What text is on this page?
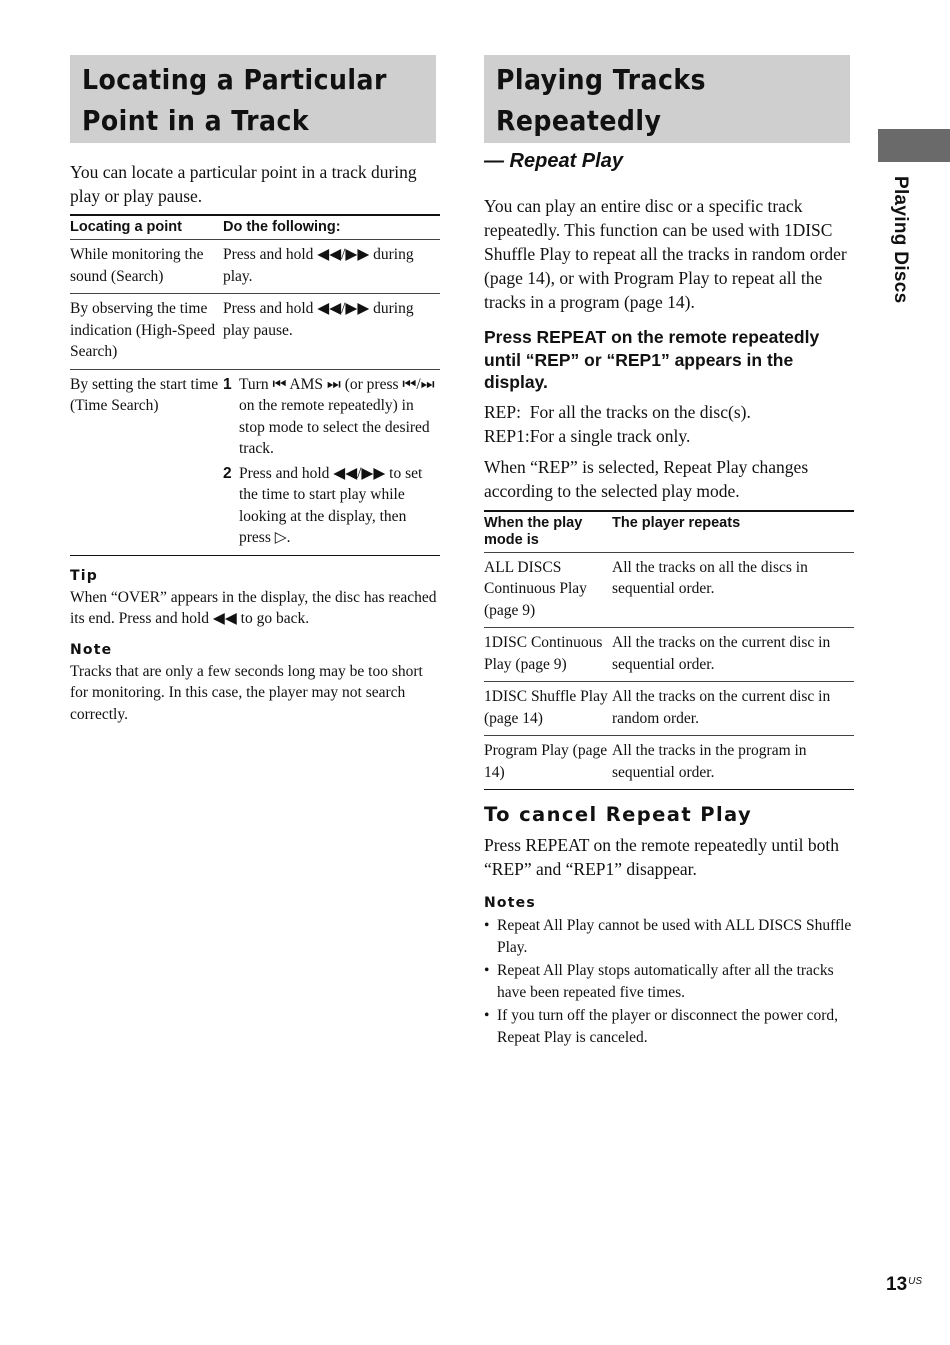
Locating a Particular
Point in a Track
Playing Tracks
Repeatedly

You can locate a particular point in a track during play or play pause.

Locating a point	Do the following:
While monitoring the sound (Search)	Press and hold ◀◀/▶▶ during play.
By observing the time indication (High-Speed Search)	Press and hold ◀◀/▶▶ during play pause.
By setting the start time (Time Search)	1 Turn ⏮ AMS ⏭ (or press ⏮/⏭ on the remote repeatedly) in stop mode to select the desired track.
2 Press and hold ◀◀/▶▶ to set the time to start play while looking at the display, then press ▷.
Tip

When “OVER” appears in the display, the disc has reached its end. Press and hold ◀◀ to go back.

Note

Tracks that are only a few seconds long may be too short for monitoring. In this case, the player may not search correctly.

— Repeat Play

You can play an entire disc or a specific track repeatedly. This function can be used with 1DISC Shuffle Play to repeat all the tracks in random order (page 14), or with Program Play to repeat all the tracks in a program (page 14).

Press REPEAT on the remote repeatedly until “REP” or “REP1” appears in the display.

REP:  For all the tracks on the disc(s).

REP1:For a single track only.

When “REP” is selected, Repeat Play changes according to the selected play mode.

When the play mode is	The player repeats
ALL DISCS Continuous Play (page 9)	All the tracks on all the discs in sequential order.
1DISC Continuous Play (page 9)	All the tracks on the current disc in sequential order.
1DISC Shuffle Play (page 14)	All the tracks on the current disc in random order.
Program Play (page 14)	All the tracks in the program in sequential order.
To cancel Repeat Play

Press REPEAT on the remote repeatedly until both “REP” and “REP1” disappear.

Notes
• Repeat All Play cannot be used with ALL DISCS Shuffle Play.
• Repeat All Play stops automatically after all the tracks have been repeated five times.
• If you turn off the player or disconnect the power cord, Repeat Play is canceled.
Playing Discs
$13^{US}$
